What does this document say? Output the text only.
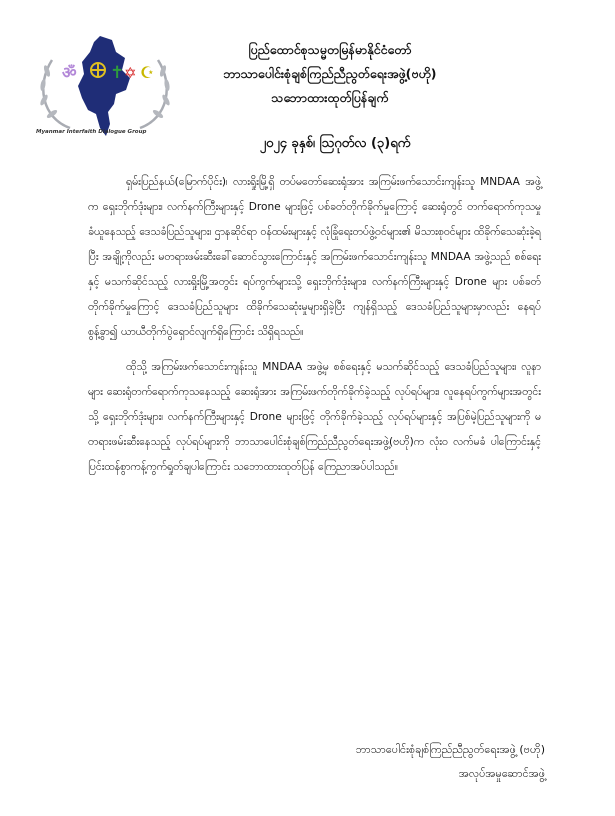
ॐ ✝ ✡ ☪
Myanmar Interfaith Dialogue Group
ပြည်ထောင်စုသမ္မတမြန်မာနိုင်ငံတော်
ဘာသာပေါင်းစုံချစ်ကြည်ညီညွတ်ရေးအဖွဲ့(ဗဟို)
သဘောထားထုတ်ပြန်ချက်
၂၀၂၄ ခုနှစ်၊ ဩဂုတ်လ (၃)ရက်

ရှမ်းပြည်နယ်(မြောက်ပိုင်း)၊ လားရှိုးမြို့ရှိ တပ်မတော်ဆေးရုံအား အကြမ်းဖက်သောင်းကျန်းသူ MNDAA အဖွဲ့က ရှေးဘိုက်ဒုံးများ၊ လက်နက်ကြီးများနှင့် Drone များဖြင့် ပစ်ခတ်တိုက်ခိုက်မှုကြောင့် ဆေးရုံတွင် တက်ရောက်ကုသမှုခံယူနေသည့် ဒေသခံပြည်သူများ၊ ဌာနဆိုင်ရာ ဝန်ထမ်းများနှင့် လုံခြုံရေးတပ်ဖွဲ့ဝင်များ၏ မိသားစုဝင်များ ထိခိုက်သေဆုံးခဲ့ရပြီး အချို့ကိုလည်း မတရားဖမ်းဆီးခေါ်ဆောင်သွားကြောင်းနှင့် အကြမ်းဖက်သောင်းကျန်းသူ MNDAA အဖွဲ့သည် စစ်ရေးနှင့် မသက်ဆိုင်သည့် လားရှိုးမြို့အတွင်း ရပ်ကွက်များသို့ ရှေးဘိုက်ဒုံးများ၊ လက်နက်ကြီးများနှင့် Drone များ ပစ်ခတ်တိုက်ခိုက်မှုကြောင့် ဒေသခံပြည်သူများ ထိခိုက်သေဆုံးမှုများရှိခဲ့ပြီး ကျန်ရှိသည့် ဒေသခံပြည်သူများမှာလည်း နေရပ်စွန့်ခွာ၍ ယာယီတိုက်ပွဲရှောင်လျက်ရှိကြောင်း သိရှိရသည်။

ထိုသို့ အကြမ်းဖက်သောင်းကျန်းသူ MNDAA အဖွဲ့မှ စစ်ရေးနှင့် မသက်ဆိုင်သည့် ဒေသခံပြည်သူများ၊ လူနာများ ဆေးရုံတက်ရောက်ကုသနေသည့် ဆေးရုံအား အကြမ်းဖက်တိုက်ခိုက်ခဲ့သည့် လုပ်ရပ်များ၊ လူနေရပ်ကွက်များအတွင်းသို့ ရှေးဘိုက်ဒုံးများ၊ လက်နက်ကြီးများနှင့် Drone များဖြင့် တိုက်ခိုက်ခဲ့သည့် လုပ်ရပ်များနှင့် အပြစ်မဲ့ပြည်သူများကို မတရားဖမ်းဆီးနေသည့် လုပ်ရပ်များကို ဘာသာပေါင်းစုံချစ်ကြည်ညီညွတ်ရေးအဖွဲ့(ဗဟို)က လုံးဝ လက်မခံ ပါကြောင်းနှင့် ပြင်းထန်စွာကန့်ကွက်ရှုတ်ချပါကြောင်း သဘောထားထုတ်ပြန် ကြေညာအပ်ပါသည်။

ဘာသာပေါင်းစုံချစ်ကြည်ညီညွတ်ရေးအဖွဲ့ (ဗဟို)
အလုပ်အမှုဆောင်အဖွဲ့
